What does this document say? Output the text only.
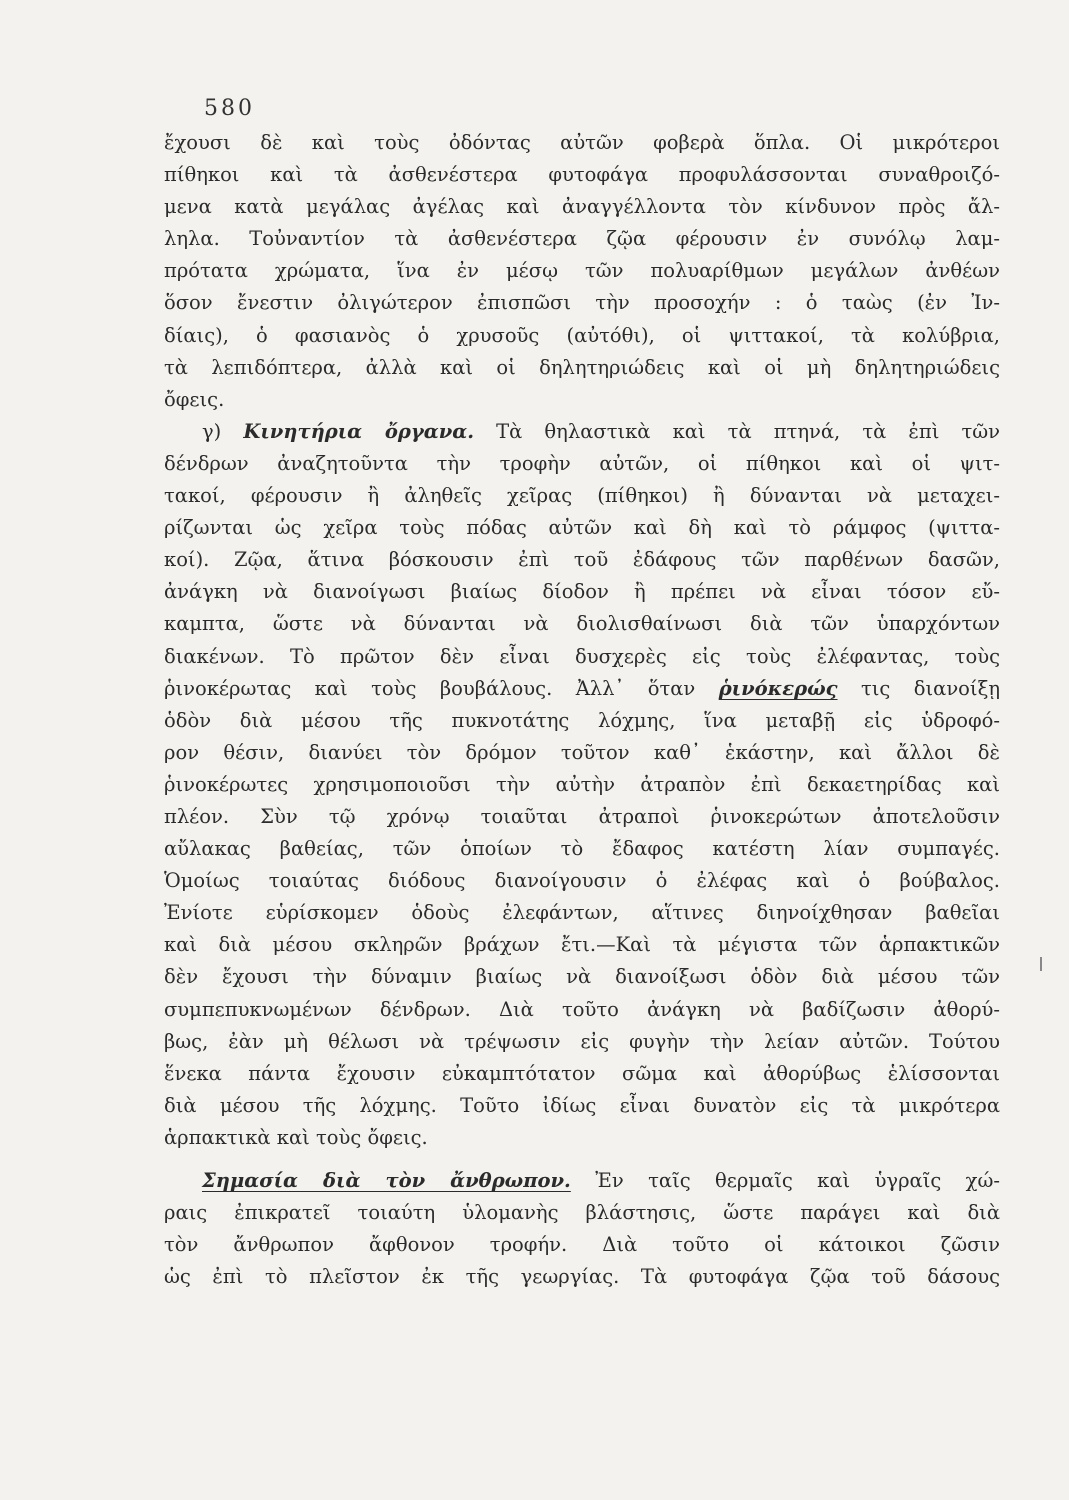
580
ἔχουσι δὲ καὶ τοὺς ὀδόντας αὐτῶν φοβερὰ ὅπλα. Οἱ μικρότεροι
πίθηκοι καὶ τὰ ἀσθενέστερα φυτοφάγα προφυλάσσονται συναθροιζό-
μενα κατὰ μεγάλας ἀγέλας καὶ ἀναγγέλλοντα τὸν κίνδυνον πρὸς ἄλ-
ληλα. Τοὐναντίον τὰ ἀσθενέστερα ζῷα φέρουσιν ἐν συνόλῳ λαμ-
πρότατα χρώματα, ἵνα ἐν μέσῳ τῶν πολυαρίθμων μεγάλων ἀνθέων
ὅσον ἔνεστιν ὀλιγώτερον ἐπισπῶσι τὴν προσοχήν : ὁ ταὼς (ἐν Ἰν-
δίαις), ὁ φασιανὸς ὁ χρυσοῦς (αὐτόθι), οἱ ψιττακοί, τὰ κολύβρια,
τὰ λεπιδόπτερα, ἀλλὰ καὶ οἱ δηλητηριώδεις καὶ οἱ μὴ δηλητηριώδεις
ὄφεις.
γ) Κινητήρια ὄργανα. Τὰ θηλαστικὰ καὶ τὰ πτηνά, τὰ ἐπὶ τῶν
δένδρων ἀναζητοῦντα τὴν τροφὴν αὐτῶν, οἱ πίθηκοι καὶ οἱ ψιτ-
τακοί, φέρουσιν ἢ ἀληθεῖς χεῖρας (πίθηκοι) ἢ δύνανται νὰ μεταχει-
ρίζωνται ὡς χεῖρα τοὺς πόδας αὐτῶν καὶ δὴ καὶ τὸ ράμφος (ψιττα-
κοί). Ζῷα, ἅτινα βόσκουσιν ἐπὶ τοῦ ἐδάφους τῶν παρθένων δασῶν,
ἀνάγκη νὰ διανοίγωσι βιαίως δίοδον ἢ πρέπει νὰ εἶναι τόσον εὔ-
καμπτα, ὥστε νὰ δύνανται νὰ διολισθαίνωσι διὰ τῶν ὑπαρχόντων
διακένων. Τὸ πρῶτον δὲν εἶναι δυσχερὲς εἰς τοὺς ἐλέφαντας, τοὺς
ῥινοκέρωτας καὶ τοὺς βουβάλους. Ἀλλ᾽ ὅταν ῥινόκερώς τις διανοίξῃ
ὁδὸν διὰ μέσου τῆς πυκνοτάτης λόχμης, ἵνα μεταβῇ εἰς ὑδροφό-
ρον θέσιν, διανύει τὸν δρόμον τοῦτον καθ᾽ ἑκάστην, καὶ ἄλλοι δὲ
ῥινοκέρωτες χρησιμοποιοῦσι τὴν αὐτὴν ἀτραπὸν ἐπὶ δεκαετηρίδας καὶ
πλέον. Σὺν τῷ χρόνῳ τοιαῦται ἀτραποὶ ῥινοκερώτων ἀποτελοῦσιν
αὔλακας βαθείας, τῶν ὁποίων τὸ ἔδαφος κατέστη λίαν συμπαγές.
Ὁμοίως τοιαύτας διόδους διανοίγουσιν ὁ ἐλέφας καὶ ὁ βούβαλος.
Ἐνίοτε εὑρίσκομεν ὁδοὺς ἐλεφάντων, αἵτινες διηνοίχθησαν βαθεῖαι
καὶ διὰ μέσου σκληρῶν βράχων ἔτι.—Καὶ τὰ μέγιστα τῶν ἁρπακτικῶν
δὲν ἔχουσι τὴν δύναμιν βιαίως νὰ διανοίξωσι ὁδὸν διὰ μέσου τῶν
συμπεπυκνωμένων δένδρων. Διὰ τοῦτο ἀνάγκη νὰ βαδίζωσιν ἀθορύ-
βως, ἐὰν μὴ θέλωσι νὰ τρέψωσιν εἰς φυγὴν τὴν λείαν αὐτῶν. Τούτου
ἕνεκα πάντα ἔχουσιν εὐκαμπτότατον σῶμα καὶ ἀθορύβως ἑλίσσονται
διὰ μέσου τῆς λόχμης. Τοῦτο ἰδίως εἶναι δυνατὸν εἰς τὰ μικρότερα
ἁρπακτικὰ καὶ τοὺς ὄφεις.
Σημασία διὰ τὸν ἄνθρωπον. Ἐν ταῖς θερμαῖς καὶ ὑγραῖς χώ-
ραις ἐπικρατεῖ τοιαύτη ὑλομανὴς βλάστησις, ὥστε παράγει καὶ διὰ
τὸν ἄνθρωπον ἄφθονον τροφήν. Διὰ τοῦτο οἱ κάτοικοι ζῶσιν
ὡς ἐπὶ τὸ πλεῖστον ἐκ τῆς γεωργίας. Τὰ φυτοφάγα ζῷα τοῦ δάσους
